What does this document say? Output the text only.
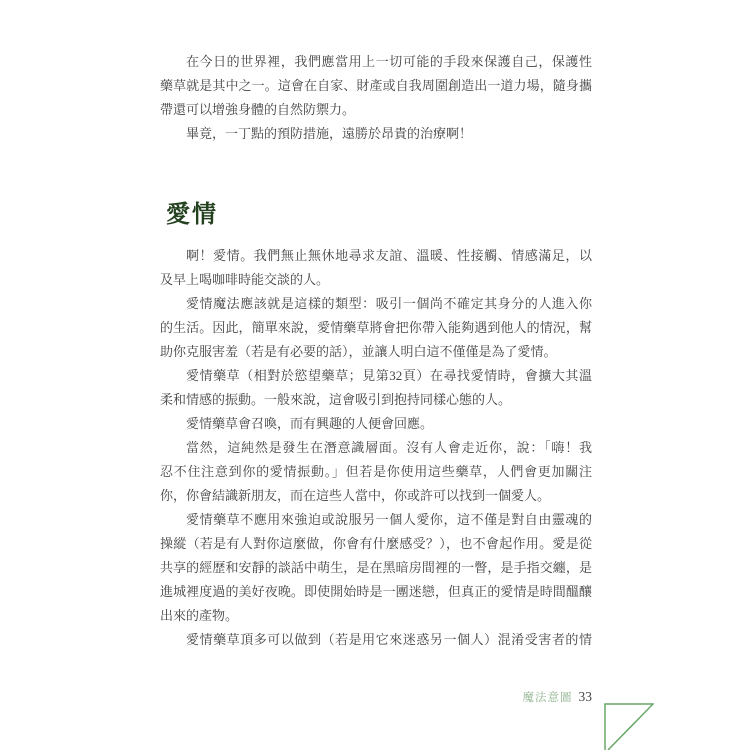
在今日的世界裡，我們應當用上一切可能的手段來保護自己，保護性
藥草就是其中之一。這會在自家、財產或自我周圍創造出一道力場，隨身攜
帶還可以增強身體的自然防禦力。
畢竟，一丁點的預防措施，遠勝於昂貴的治療啊！
愛情
啊！愛情。我們無止無休地尋求友誼、溫暖、性接觸、情感滿足，以
及早上喝咖啡時能交談的人。
愛情魔法應該就是這樣的類型：吸引一個尚不確定其身分的人進入你
的生活。因此，簡單來說，愛情藥草將會把你帶入能夠遇到他人的情況，幫
助你克服害羞（若是有必要的話），並讓人明白這不僅僅是為了愛情。
愛情藥草（相對於慾望藥草；見第32頁）在尋找愛情時，會擴大其溫
柔和情感的振動。一般來說，這會吸引到抱持同樣心態的人。
愛情藥草會召喚，而有興趣的人便會回應。
當然，這純然是發生在潛意識層面。沒有人會走近你，說：「嗨！我
忍不住注意到你的愛情振動。」但若是你使用這些藥草，人們會更加關注
你，你會結識新朋友，而在這些人當中，你或許可以找到一個愛人。
愛情藥草不應用來強迫或說服另一個人愛你，這不僅是對自由靈魂的
操縱（若是有人對你這麼做，你會有什麼感受？），也不會起作用。愛是從
共享的經歷和安靜的談話中萌生，是在黑暗房間裡的一瞥，是手指交纏，是
進城裡度過的美好夜晚。即使開始時是一團迷戀，但真正的愛情是時間醞釀
出來的產物。
愛情藥草頂多可以做到（若是用它來迷惑另一個人）混淆受害者的情
魔法意圖 33
